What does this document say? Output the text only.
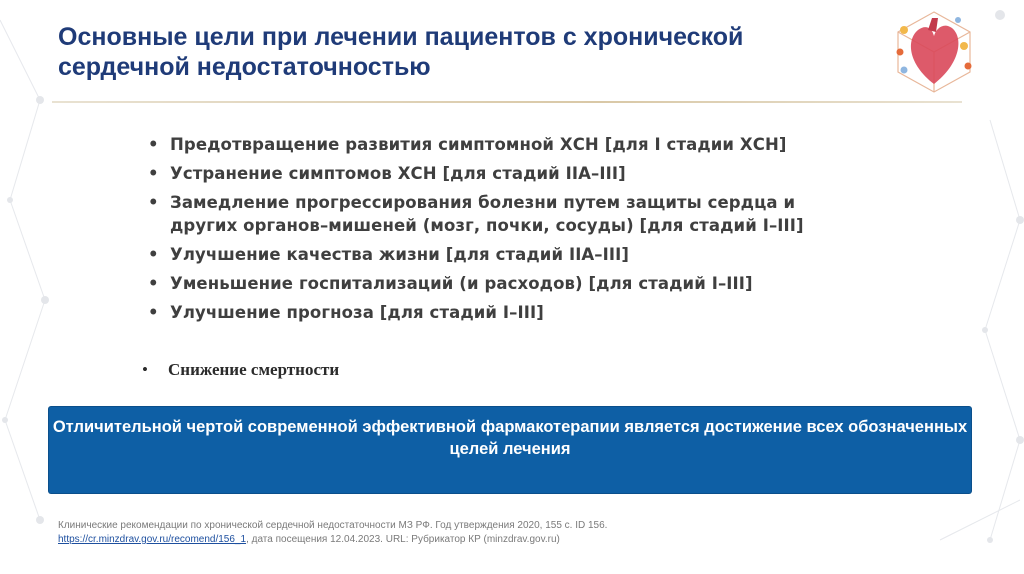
Основные цели при лечении пациентов с хронической сердечной недостаточностью
• Предотвращение развития симптомной ХСН [для I стадии ХСН]
• Устранение симптомов ХСН [для стадий IIA–III]
• Замедление прогрессирования болезни путем защиты сердца и других органов–мишеней (мозг, почки, сосуды) [для стадий I–III]
• Улучшение качества жизни [для стадий IIA–III]
• Уменьшение госпитализаций (и расходов) [для стадий I–III]
• Улучшение прогноза [для стадий I–III]
• Снижение смертности
Отличительной чертой современной эффективной фармакотерапии является достижение всех обозначенных целей лечения
Клинические рекомендации по хронической сердечной недостаточности МЗ РФ. Год утверждения 2020, 155 с. ID 156.
https://cr.minzdrav.gov.ru/recomend/156_1, дата посещения 12.04.2023. URL: Рубрикатор КР (minzdrav.gov.ru)
